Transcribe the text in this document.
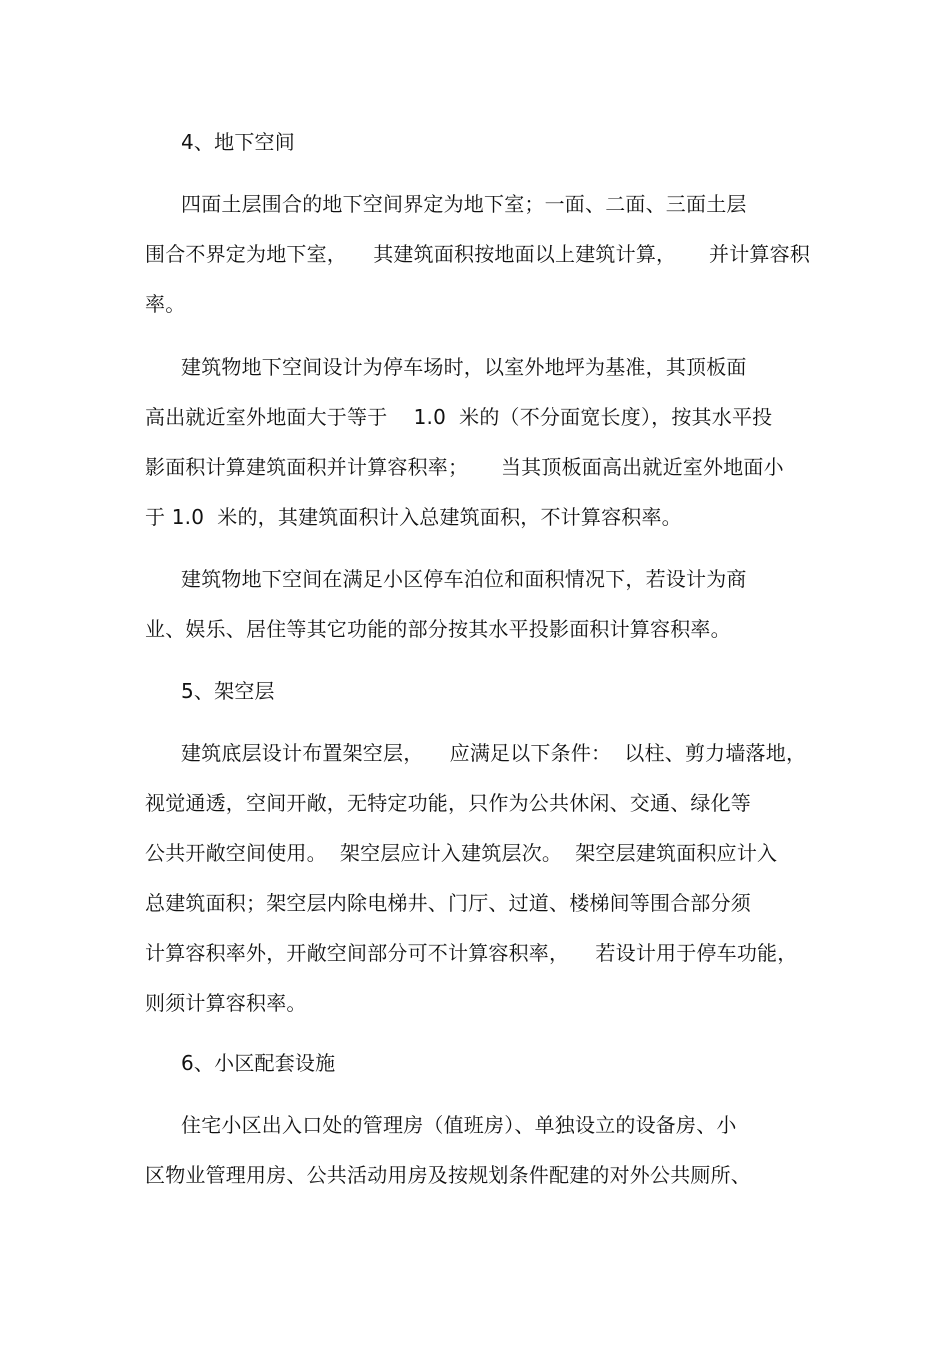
4、地下空间
四面土层围合的地下空间界定为地下室；一面、二面、三面土层
围合不界定为地下室，    其建筑面积按地面以上建筑计算，     并计算容积
率。
建筑物地下空间设计为停车场时，以室外地坪为基准，其顶板面
高出就近室外地面大于等于    1.0  米的（不分面宽长度），按其水平投
影面积计算建筑面积并计算容积率；     当其顶板面高出就近室外地面小
于 1.0  米的，其建筑面积计入总建筑面积，不计算容积率。
建筑物地下空间在满足小区停车泊位和面积情况下，若设计为商
业、娱乐、居住等其它功能的部分按其水平投影面积计算容积率。
5、架空层
建筑底层设计布置架空层，    应满足以下条件：  以柱、剪力墙落地，
视觉通透，空间开敞，无特定功能，只作为公共休闲、交通、绿化等
公共开敞空间使用。  架空层应计入建筑层次。  架空层建筑面积应计入
总建筑面积；架空层内除电梯井、门厅、过道、楼梯间等围合部分须
计算容积率外，开敞空间部分可不计算容积率，    若设计用于停车功能，
则须计算容积率。
6、小区配套设施
住宅小区出入口处的管理房（值班房）、单独设立的设备房、小
区物业管理用房、公共活动用房及按规划条件配建的对外公共厕所、
